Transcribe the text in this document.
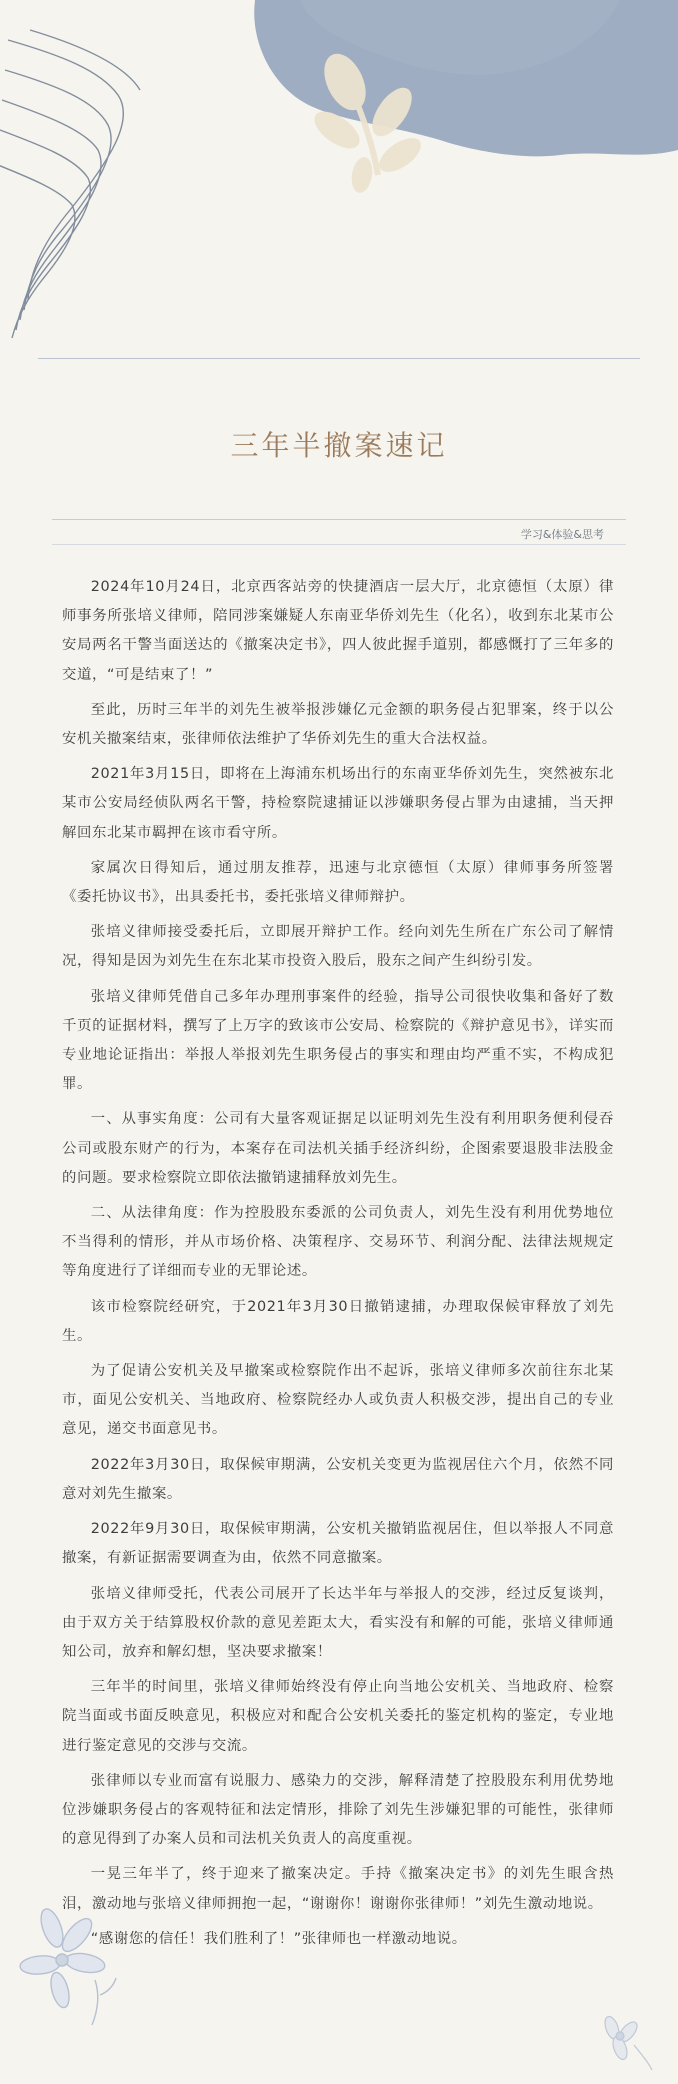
三年半撤案速记
学习&体验&思考

2024年10月24日，北京西客站旁的快捷酒店一层大厅，北京德恒（太原）律师事务所张培义律师，陪同涉案嫌疑人东南亚华侨刘先生（化名），收到东北某市公安局两名干警当面送达的《撤案决定书》，四人彼此握手道别，都感慨打了三年多的交道，“可是结束了！”

至此，历时三年半的刘先生被举报涉嫌亿元金额的职务侵占犯罪案，终于以公安机关撤案结束，张律师依法维护了华侨刘先生的重大合法权益。

2021年3月15日，即将在上海浦东机场出行的东南亚华侨刘先生，突然被东北某市公安局经侦队两名干警，持检察院逮捕证以涉嫌职务侵占罪为由逮捕，当天押解回东北某市羁押在该市看守所。

家属次日得知后，通过朋友推荐，迅速与北京德恒（太原）律师事务所签署《委托协议书》，出具委托书，委托张培义律师辩护。

张培义律师接受委托后，立即展开辩护工作。经向刘先生所在广东公司了解情况，得知是因为刘先生在东北某市投资入股后，股东之间产生纠纷引发。

张培义律师凭借自己多年办理刑事案件的经验，指导公司很快收集和备好了数千页的证据材料，撰写了上万字的致该市公安局、检察院的《辩护意见书》，详实而专业地论证指出：举报人举报刘先生职务侵占的事实和理由均严重不实，不构成犯罪。

一、从事实角度：公司有大量客观证据足以证明刘先生没有利用职务便利侵吞公司或股东财产的行为，本案存在司法机关插手经济纠纷，企图索要退股非法股金的问题。要求检察院立即依法撤销逮捕释放刘先生。

二、从法律角度：作为控股股东委派的公司负责人，刘先生没有利用优势地位不当得利的情形，并从市场价格、决策程序、交易环节、利润分配、法律法规规定等角度进行了详细而专业的无罪论述。

该市检察院经研究，于2021年3月30日撤销逮捕，办理取保候审释放了刘先生。

为了促请公安机关及早撤案或检察院作出不起诉，张培义律师多次前往东北某市，面见公安机关、当地政府、检察院经办人或负责人积极交涉，提出自己的专业意见，递交书面意见书。

2022年3月30日，取保候审期满，公安机关变更为监视居住六个月，依然不同意对刘先生撤案。

2022年9月30日，取保候审期满，公安机关撤销监视居住，但以举报人不同意撤案，有新证据需要调查为由，依然不同意撤案。

张培义律师受托，代表公司展开了长达半年与举报人的交涉，经过反复谈判，由于双方关于结算股权价款的意见差距太大，看实没有和解的可能，张培义律师通知公司，放弃和解幻想，坚决要求撤案！

三年半的时间里，张培义律师始终没有停止向当地公安机关、当地政府、检察院当面或书面反映意见，积极应对和配合公安机关委托的鉴定机构的鉴定，专业地进行鉴定意见的交涉与交流。

张律师以专业而富有说服力、感染力的交涉，解释清楚了控股股东利用优势地位涉嫌职务侵占的客观特征和法定情形，排除了刘先生涉嫌犯罪的可能性，张律师的意见得到了办案人员和司法机关负责人的高度重视。

一晃三年半了，终于迎来了撤案决定。手持《撤案决定书》的刘先生眼含热泪，激动地与张培义律师拥抱一起，“谢谢你！谢谢你张律师！”刘先生激动地说。

“感谢您的信任！我们胜利了！”张律师也一样激动地说。
